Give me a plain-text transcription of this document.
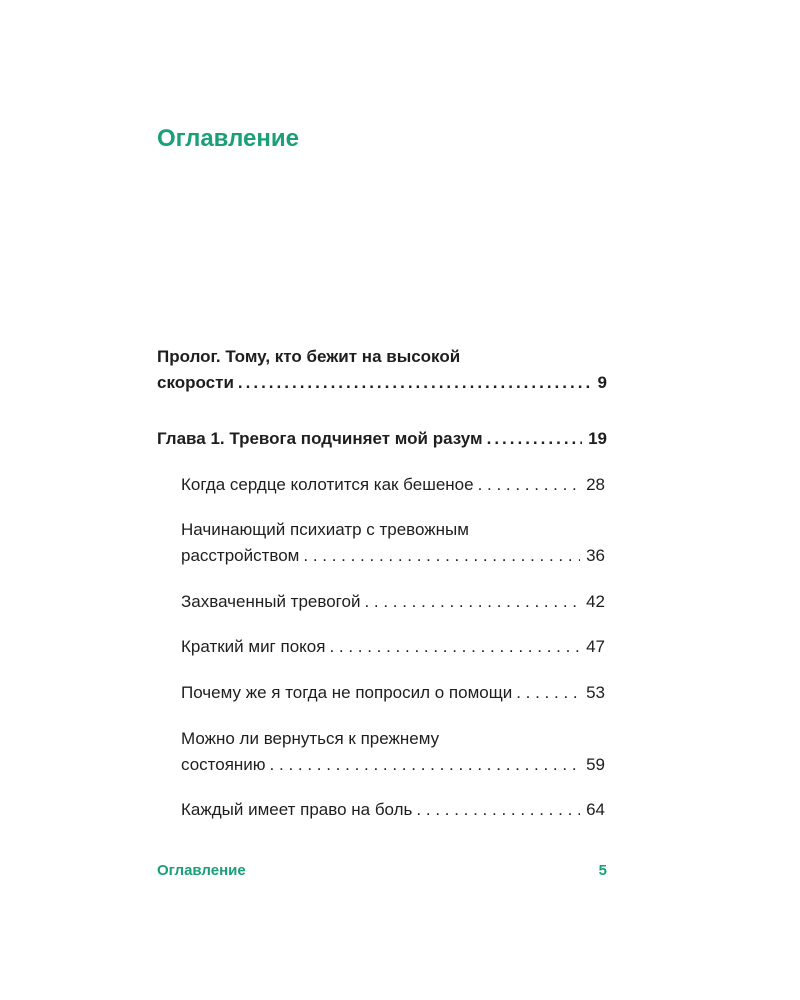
Оглавление
Пролог. Тому, кто бежит на высокой
скорости .....	9
Глава 1. Тревога подчиняет мой разум .....	19
Когда сердце колотится как бешеное . . .	28
Начинающий психиатр с тревожным
расстройством . . .	36
Захваченный тревогой . . .	42
Краткий миг покоя . . .	47
Почему же я тогда не попросил о помощи . . .	53
Можно ли вернуться к прежнему
состоянию . . .	59
Каждый имеет право на боль . . .	64
Оглавление	5
